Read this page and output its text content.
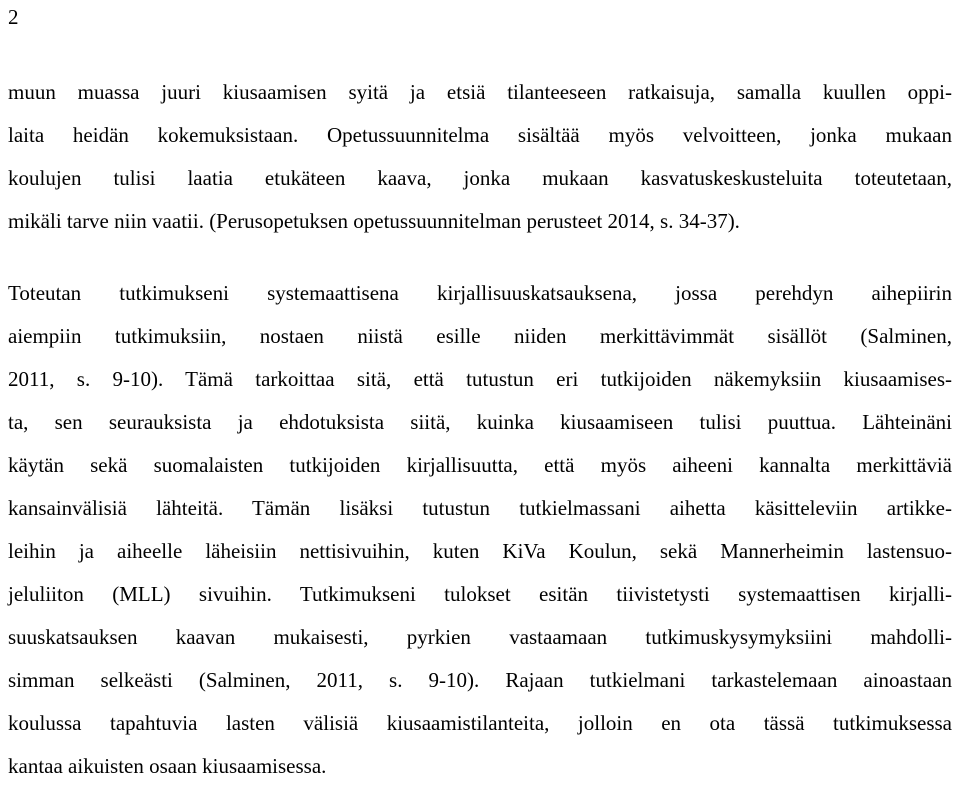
2

muun muassa juuri kiusaamisen syitä ja etsiä tilanteeseen ratkaisuja, samalla kuullen oppi-

laita heidän kokemuksistaan. Opetussuunnitelma sisältää myös velvoitteen, jonka mukaan

koulujen tulisi laatia etukäteen kaava, jonka mukaan kasvatuskeskusteluita toteutetaan,

mikäli tarve niin vaatii. (Perusopetuksen opetussuunnitelman perusteet 2014, s. 34-37).

Toteutan tutkimukseni systemaattisena kirjallisuuskatsauksena, jossa perehdyn aihepiirin

aiempiin tutkimuksiin, nostaen niistä esille niiden merkittävimmät sisällöt (Salminen,

2011, s. 9-10). Tämä tarkoittaa sitä, että tutustun eri tutkijoiden näkemyksiin kiusaamises-

ta, sen seurauksista ja ehdotuksista siitä, kuinka kiusaamiseen tulisi puuttua. Lähteinäni

käytän sekä suomalaisten tutkijoiden kirjallisuutta, että myös aiheeni kannalta merkittäviä

kansainvälisiä lähteitä. Tämän lisäksi tutustun tutkielmassani aihetta käsitteleviin artikke-

leihin ja aiheelle läheisiin nettisivuihin, kuten KiVa Koulun, sekä Mannerheimin lastensuo-

jeluliiton (MLL) sivuihin. Tutkimukseni tulokset esitän tiivistetysti systemaattisen kirjalli-

suuskatsauksen kaavan mukaisesti, pyrkien vastaamaan tutkimuskysymyksiini mahdolli-

simman selkeästi (Salminen, 2011, s. 9-10). Rajaan tutkielmani tarkastelemaan ainoastaan

koulussa tapahtuvia lasten välisiä kiusaamistilanteita, jolloin en ota tässä tutkimuksessa

kantaa aikuisten osaan kiusaamisessa.
